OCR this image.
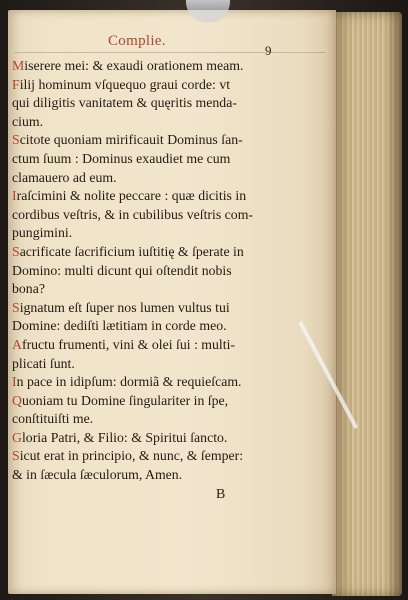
Complie.
9
Miserere mei: & exaudi orationem meam.
Filij hominum vſquequo graui corde: vt
qui diligitis vanitatem & quęritis menda-
cium.
Scitote quoniam mirificauit Dominus ſan-
ctum ſuum : Dominus exaudiet me cum
clamauero ad eum.
Iraſcimini & nolite peccare : quæ dicitis in
cordibus veſtris, & in cubilibus veſtris com-
pungimini.
Sacrificate ſacrificium iuſtitię & ſperate in
Domino: multi dicunt qui oſtendit nobis
bona?
Signatum eſt ſuper nos lumen vultus tui
Domine: dediſti lætitiam in corde meo.
Afructu frumenti, vini & olei ſui : multi-
plicati ſunt.
In pace in idipſum: dormiã & requieſcam.
Quoniam tu Domine ſingulariter in ſpe,
conſtituiſti me.
Gloria Patri, & Filio: & Spiritui ſancto.
Sicut erat in principio, & nunc, & ſemper:
& in ſæcula ſæculorum, Amen.
B
